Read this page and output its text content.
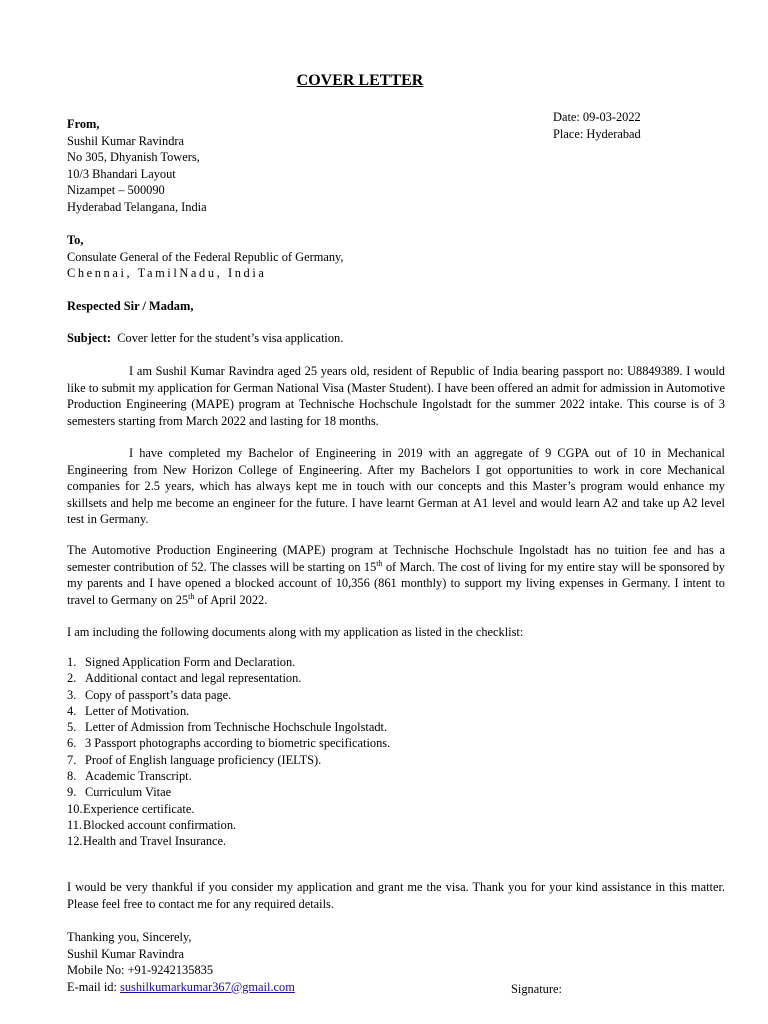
COVER LETTER
Date: 09-03-2022
Place: Hyderabad
From,
Sushil Kumar Ravindra
No 305, Dhyanish Towers,
10/3 Bhandari Layout
Nizampet – 500090
Hyderabad Telangana, India
To,
Consulate General of the Federal Republic of Germany,
Chennai, TamilNadu, India
Respected Sir / Madam,
Subject: Cover letter for the student’s visa application.

I am Sushil Kumar Ravindra aged 25 years old, resident of Republic of India bearing passport no: U8849389. I would like to submit my application for German National Visa (Master Student). I have been offered an admit for admission in Automotive Production Engineering (MAPE) program at Technische Hochschule Ingolstadt for the summer 2022 intake. This course is of 3 semesters starting from March 2022 and lasting for 18 months.

I have completed my Bachelor of Engineering in 2019 with an aggregate of 9 CGPA out of 10 in Mechanical Engineering from New Horizon College of Engineering. After my Bachelors I got opportunities to work in core Mechanical companies for 2.5 years, which has always kept me in touch with our concepts and this Master’s program would enhance my skillsets and help me become an engineer for the future. I have learnt German at A1 level and would learn A2 and take up A2 level test in Germany.

The Automotive Production Engineering (MAPE) program at Technische Hochschule Ingolstadt has no tuition fee and has a semester contribution of 52. The classes will be starting on 15th of March. The cost of living for my entire stay will be sponsored by my parents and I have opened a blocked account of 10,356 (861 monthly) to support my living expenses in Germany. I intent to travel to Germany on 25th of April 2022.

I am including the following documents along with my application as listed in the checklist:
1. Signed Application Form and Declaration.
2. Additional contact and legal representation.
3. Copy of passport’s data page.
4. Letter of Motivation.
5. Letter of Admission from Technische Hochschule Ingolstadt.
6. 3 Passport photographs according to biometric specifications.
7. Proof of English language proficiency (IELTS).
8. Academic Transcript.
9. Curriculum Vitae
10.Experience certificate.
11.Blocked account confirmation.
12.Health and Travel Insurance.

I would be very thankful if you consider my application and grant me the visa. Thank you for your kind assistance in this matter. Please feel free to contact me for any required details.

Thanking you, Sincerely,
Sushil Kumar Ravindra
Mobile No: +91-9242135835
E-mail id: sushilkumarkumar367@gmail.com	Signature:
